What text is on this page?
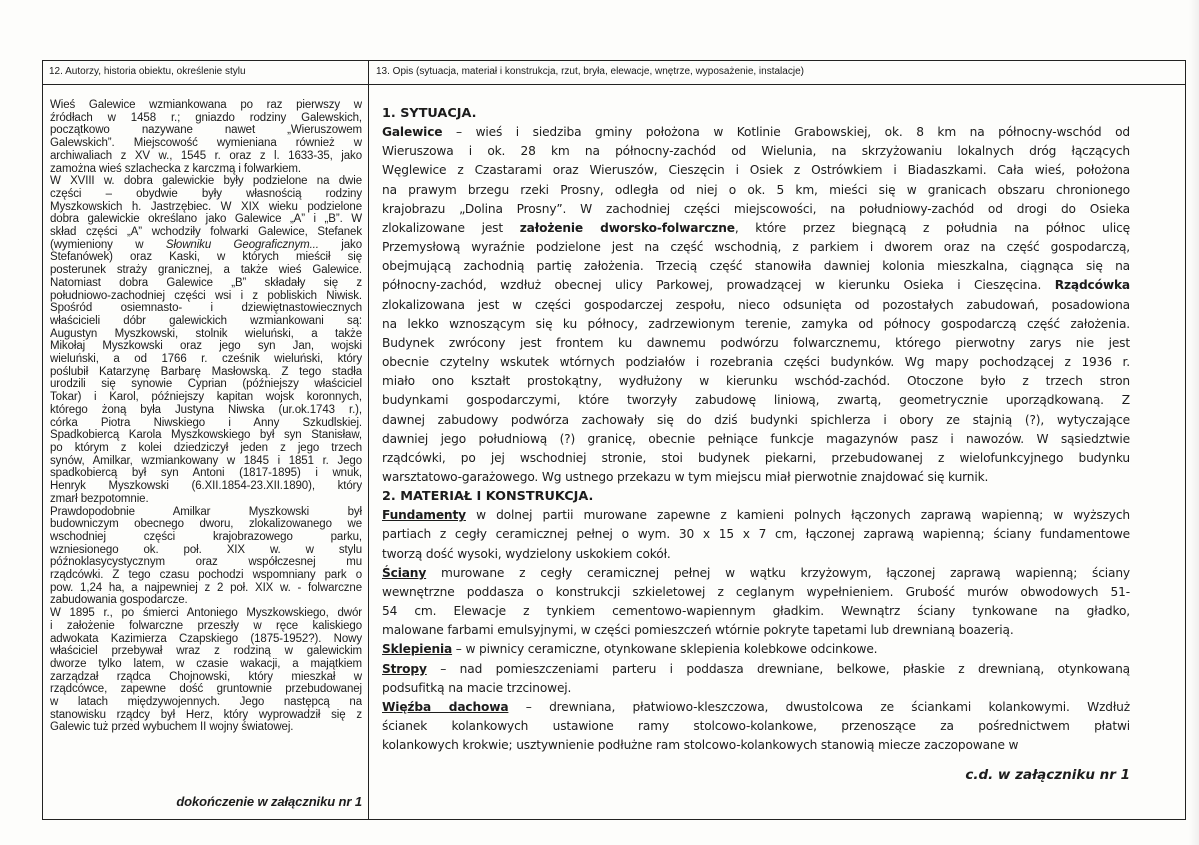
12. Autorzy, historia obiektu, określenie stylu	13. Opis (sytuacja, materiał i konstrukcja, rzut, bryła, elewacje, wnętrze, wyposażenie, instalacje)
Wieś Galewice wzmiankowana po raz pierwszy w
źródłach w 1458 r.; gniazdo rodziny Galewskich,
początkowo nazywane nawet „Wieruszowem
Galewskich”. Miejscowość wymieniana również w
archiwaliach z XV w., 1545 r. oraz z l. 1633-35, jako
zamożna wieś szlachecka z karczmą i folwarkiem.
W XVIII w. dobra galewickie były podzielone na dwie
części – obydwie były własnością rodziny
Myszkowskich h. Jastrzębiec. W XIX wieku podzielone
dobra galewickie określano jako Galewice „A” i „B”. W
skład części „A” wchodziły folwarki Galewice, Stefanek
(wymieniony w Słowniku Geograficznym... jako
Stefanówek) oraz Kaski, w których mieścił się
posterunek straży granicznej, a także wieś Galewice.
Natomiast dobra Galewice „B” składały się z
południowo-zachodniej części wsi i z pobliskich Niwisk.
Spośród osiemnasto- i dziewiętnastowiecznych
właścicieli dóbr galewickich wzmiankowani są:
Augustyn Myszkowski, stolnik wieluński, a także
Mikołaj Myszkowski oraz jego syn Jan, wojski
wieluński, a od 1766 r. cześnik wieluński, który
poślubił Katarzynę Barbarę Masłowską. Z tego stadła
urodzili się synowie Cyprian (późniejszy właściciel
Tokar) i Karol, późniejszy kapitan wojsk koronnych,
którego żoną była Justyna Niwska (ur.ok.1743 r.),
córka Piotra Niwskiego i Anny Szkudlskiej.
Spadkobiercą Karola Myszkowskiego był syn Stanisław,
po którym z kolei dziedziczył jeden z jego trzech
synów, Amilkar, wzmiankowany w 1845 i 1851 r. Jego
spadkobiercą był syn Antoni (1817-1895) i wnuk,
Henryk Myszkowski (6.XII.1854-23.XII.1890), który
zmarł bezpotomnie.
Prawdopodobnie Amilkar Myszkowski był
budowniczym obecnego dworu, zlokalizowanego we
wschodniej części krajobrazowego parku,
wzniesionego ok. poł. XIX w. w stylu
późnoklasycystycznym oraz współczesnej mu
rządcówki. Z tego czasu pochodzi wspomniany park o
pow. 1,24 ha, a najpewniej z 2 poł. XIX w. - folwarczne
zabudowania gospodarcze.
W 1895 r., po śmierci Antoniego Myszkowskiego, dwór
i założenie folwarczne przeszły w ręce kaliskiego
adwokata Kazimierza Czapskiego (1875-1952?). Nowy
właściciel przebywał wraz z rodziną w galewickim
dworze tylko latem, w czasie wakacji, a majątkiem
zarządzał rządca Chojnowski, który mieszkał w
rządcówce, zapewne dość gruntownie przebudowanej
w latach międzywojennych. Jego następcą na
stanowisku rządcy był Herz, który wyprowadził się z
Galewic tuż przed wybuchem II wojny światowej.
dokończenie w załączniku nr 1
1. SYTUACJA.
Galewice – wieś i siedziba gminy położona w Kotlinie Grabowskiej, ok. 8 km na północny-wschód od
Wieruszowa i ok. 28 km na północny-zachód od Wielunia, na skrzyżowaniu lokalnych dróg łączących
Węglewice z Czastarami oraz Wieruszów, Cieszęcin i Osiek z Ostrówkiem i Biadaszkami. Cała wieś, położona
na prawym brzegu rzeki Prosny, odległa od niej o ok. 5 km, mieści się w granicach obszaru chronionego
krajobrazu „Dolina Prosny”. W zachodniej części miejscowości, na południowy-zachód od drogi do Osieka
zlokalizowane jest założenie dworsko-folwarczne, które przez biegnącą z południa na północ ulicę
Przemysłową wyraźnie podzielone jest na część wschodnią, z parkiem i dworem oraz na część gospodarczą,
obejmującą zachodnią partię założenia. Trzecią część stanowiła dawniej kolonia mieszkalna, ciągnąca się na
północny-zachód, wzdłuż obecnej ulicy Parkowej, prowadzącej w kierunku Osieka i Cieszęcina. Rządcówka
zlokalizowana jest w części gospodarczej zespołu, nieco odsunięta od pozostałych zabudowań, posadowiona
na lekko wznoszącym się ku północy, zadrzewionym terenie, zamyka od północy gospodarczą część założenia.
Budynek zwrócony jest frontem ku dawnemu podwórzu folwarcznemu, którego pierwotny zarys nie jest
obecnie czytelny wskutek wtórnych podziałów i rozebrania części budynków. Wg mapy pochodzącej z 1936 r.
miało ono kształt prostokątny, wydłużony w kierunku wschód-zachód. Otoczone było z trzech stron
budynkami gospodarczymi, które tworzyły zabudowę liniową, zwartą, geometrycznie uporządkowaną. Z
dawnej zabudowy podwórza zachowały się do dziś budynki spichlerza i obory ze stajnią (?), wytyczające
dawniej jego południową (?) granicę, obecnie pełniące funkcje magazynów pasz i nawozów. W sąsiedztwie
rządcówki, po jej wschodniej stronie, stoi budynek piekarni, przebudowanej z wielofunkcyjnego budynku
warsztatowo-garażowego. Wg ustnego przekazu w tym miejscu miał pierwotnie znajdować się kurnik.
2. MATERIAŁ I KONSTRUKCJA.
Fundamenty w dolnej partii murowane zapewne z kamieni polnych łączonych zaprawą wapienną; w wyższych
partiach z cegły ceramicznej pełnej o wym. 30 x 15 x 7 cm, łączonej zaprawą wapienną; ściany fundamentowe
tworzą dość wysoki, wydzielony uskokiem cokół.
Ściany murowane z cegły ceramicznej pełnej w wątku krzyżowym, łączonej zaprawą wapienną; ściany
wewnętrzne poddasza o konstrukcji szkieletowej z ceglanym wypełnieniem. Grubość murów obwodowych 51-
54 cm. Elewacje z tynkiem cementowo-wapiennym gładkim. Wewnątrz ściany tynkowane na gładko,
malowane farbami emulsyjnymi, w części pomieszczeń wtórnie pokryte tapetami lub drewnianą boazerią.
Sklepienia – w piwnicy ceramiczne, otynkowane sklepienia kolebkowe odcinkowe.
Stropy – nad pomieszczeniami parteru i poddasza drewniane, belkowe, płaskie z drewnianą, otynkowaną
podsufitką na macie trzcinowej.
Więźba dachowa – drewniana, płatwiowo-kleszczowa, dwustolcowa ze ściankami kolankowymi. Wzdłuż
ścianek kolankowych ustawione ramy stolcowo-kolankowe, przenoszące za pośrednictwem płatwi
kolankowych krokwie; usztywnienie podłużne ram stolcowo-kolankowych stanowią miecze zaczopowane w
c.d. w załączniku nr 1
